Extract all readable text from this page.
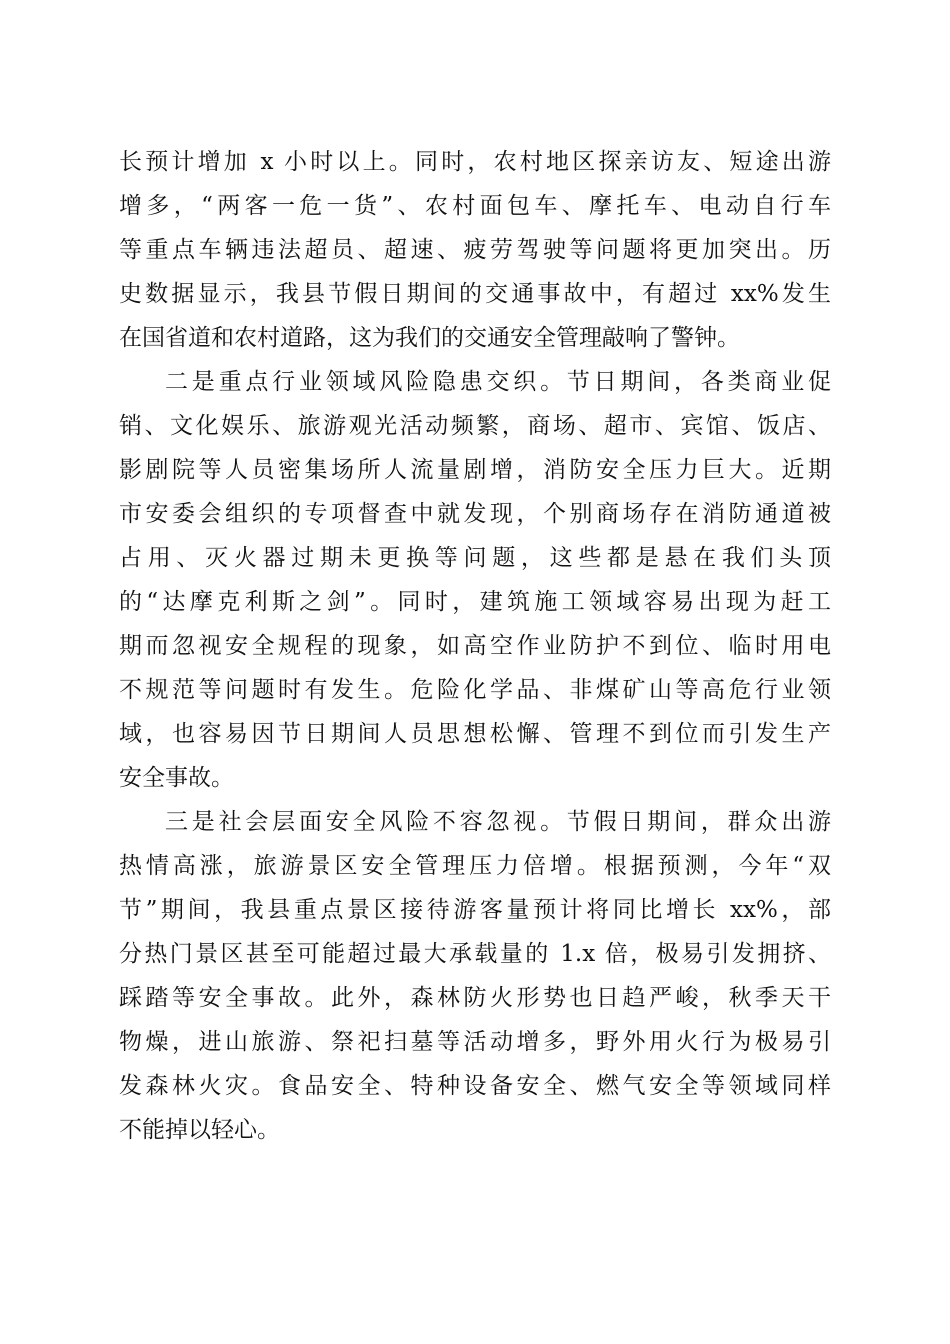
长预计增加 x 小时以上。同时，农村地区探亲访友、短途出游
增多，“两客一危一货”、农村面包车、摩托车、电动自行车
等重点车辆违法超员、超速、疲劳驾驶等问题将更加突出。历
史数据显示，我县节假日期间的交通事故中，有超过 xx%发生
在国省道和农村道路，这为我们的交通安全管理敲响了警钟。
二是重点行业领域风险隐患交织。节日期间，各类商业促
销、文化娱乐、旅游观光活动频繁，商场、超市、宾馆、饭店、
影剧院等人员密集场所人流量剧增，消防安全压力巨大。近期
市安委会组织的专项督查中就发现，个别商场存在消防通道被
占用、灭火器过期未更换等问题，这些都是悬在我们头顶
的“达摩克利斯之剑”。同时，建筑施工领域容易出现为赶工
期而忽视安全规程的现象，如高空作业防护不到位、临时用电
不规范等问题时有发生。危险化学品、非煤矿山等高危行业领
域，也容易因节日期间人员思想松懈、管理不到位而引发生产
安全事故。
三是社会层面安全风险不容忽视。节假日期间，群众出游
热情高涨，旅游景区安全管理压力倍增。根据预测，今年“双
节”期间，我县重点景区接待游客量预计将同比增长 xx%，部
分热门景区甚至可能超过最大承载量的 1.x 倍，极易引发拥挤、
踩踏等安全事故。此外，森林防火形势也日趋严峻，秋季天干
物燥，进山旅游、祭祀扫墓等活动增多，野外用火行为极易引
发森林火灾。食品安全、特种设备安全、燃气安全等领域同样
不能掉以轻心。
